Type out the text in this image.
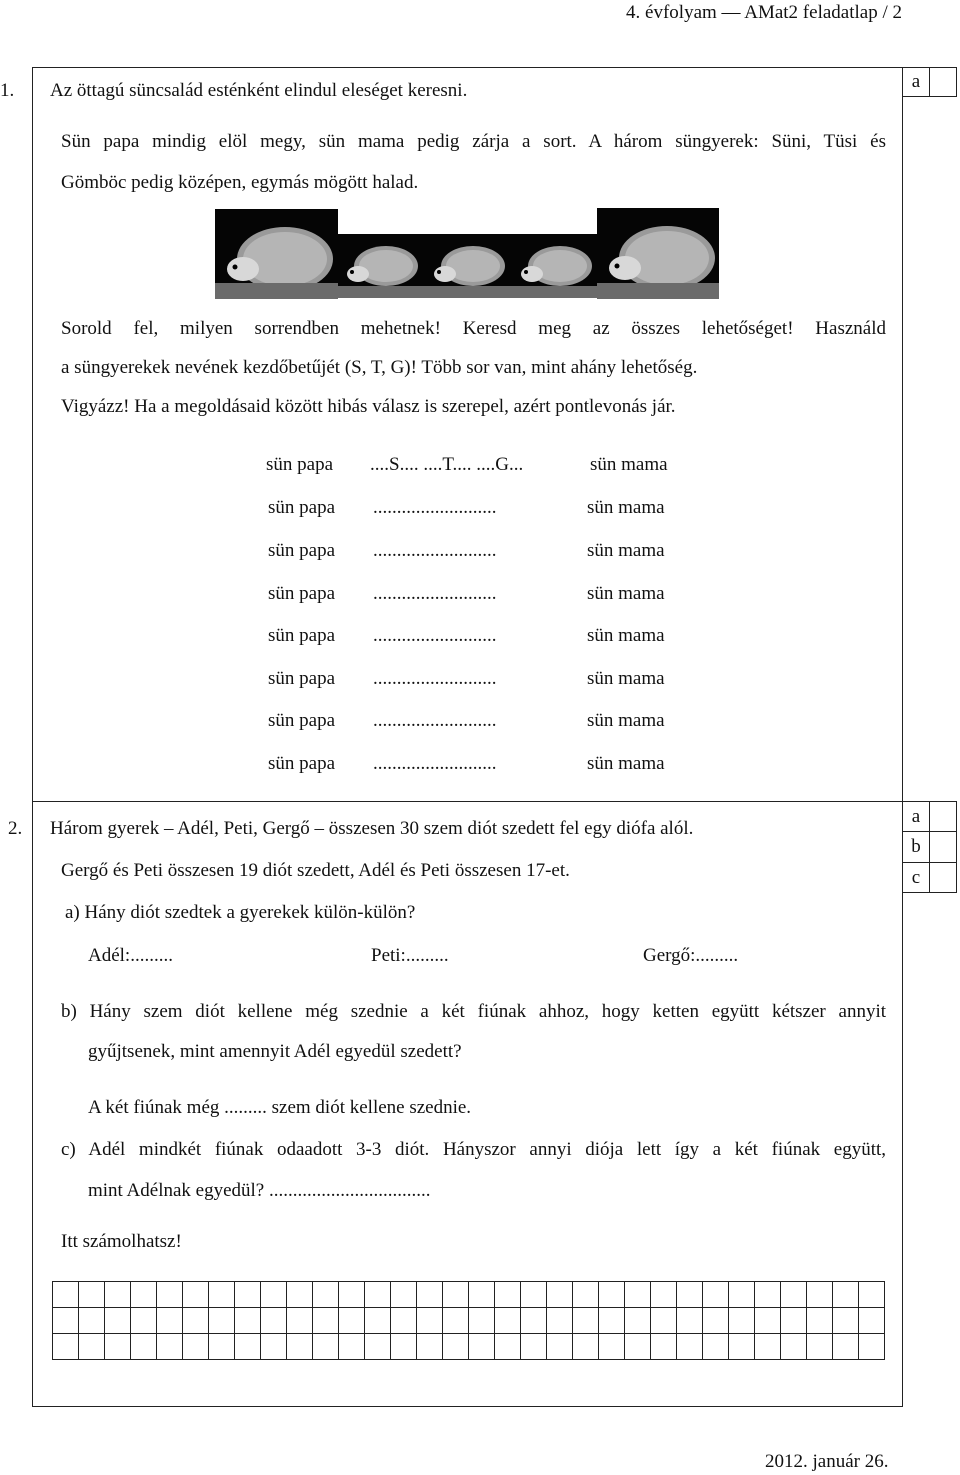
4. évfolyam — AMat2 feladatlap / 2
a
1. Az öttagú süncsalád esténként elindul eleséget keresni.
Sün papa mindig elöl megy, sün mama pedig zárja a sort. A három süngyerek: Süni, Tüsi és
Gömböc pedig középen, egymás mögött halad.
Sorold fel, milyen sorrendben mehetnek! Keresd meg az összes lehetőséget! Használd
a süngyerekek nevének kezdőbetűjét (S, T, G)! Több sor van, mint ahány lehetőség.
Vigyázz! Ha a megoldásaid között hibás válasz is szerepel, azért pontlevonás jár.
sün papa ....S.... ....T.... ....G...	sün mama
sün papa ..........................	sün mama
sün papa ..........................	sün mama
sün papa ..........................	sün mama
sün papa ..........................	sün mama
sün papa ..........................	sün mama
sün papa ..........................	sün mama
sün papa ..........................	sün mama
a
b
c
2. Három gyerek – Adél, Peti, Gergő – összesen 30 szem diót szedett fel egy diófa alól.
Gergő és Peti összesen 19 diót szedett, Adél és Peti összesen 17-et.
a) Hány diót szedtek a gyerekek külön-külön?
Adél:.........	Peti:.........	Gergő:.........
b) Hány szem diót kellene még szednie a két fiúnak ahhoz, hogy ketten együtt kétszer annyit
gyűjtsenek, mint amennyit Adél egyedül szedett?
A két fiúnak még ......... szem diót kellene szednie.
c) Adél mindkét fiúnak odaadott 3-3 diót. Hányszor annyi diója lett így a két fiúnak együtt,
mint Adélnak egyedül? ..................................
Itt számolhatsz!

2012. január 26.
